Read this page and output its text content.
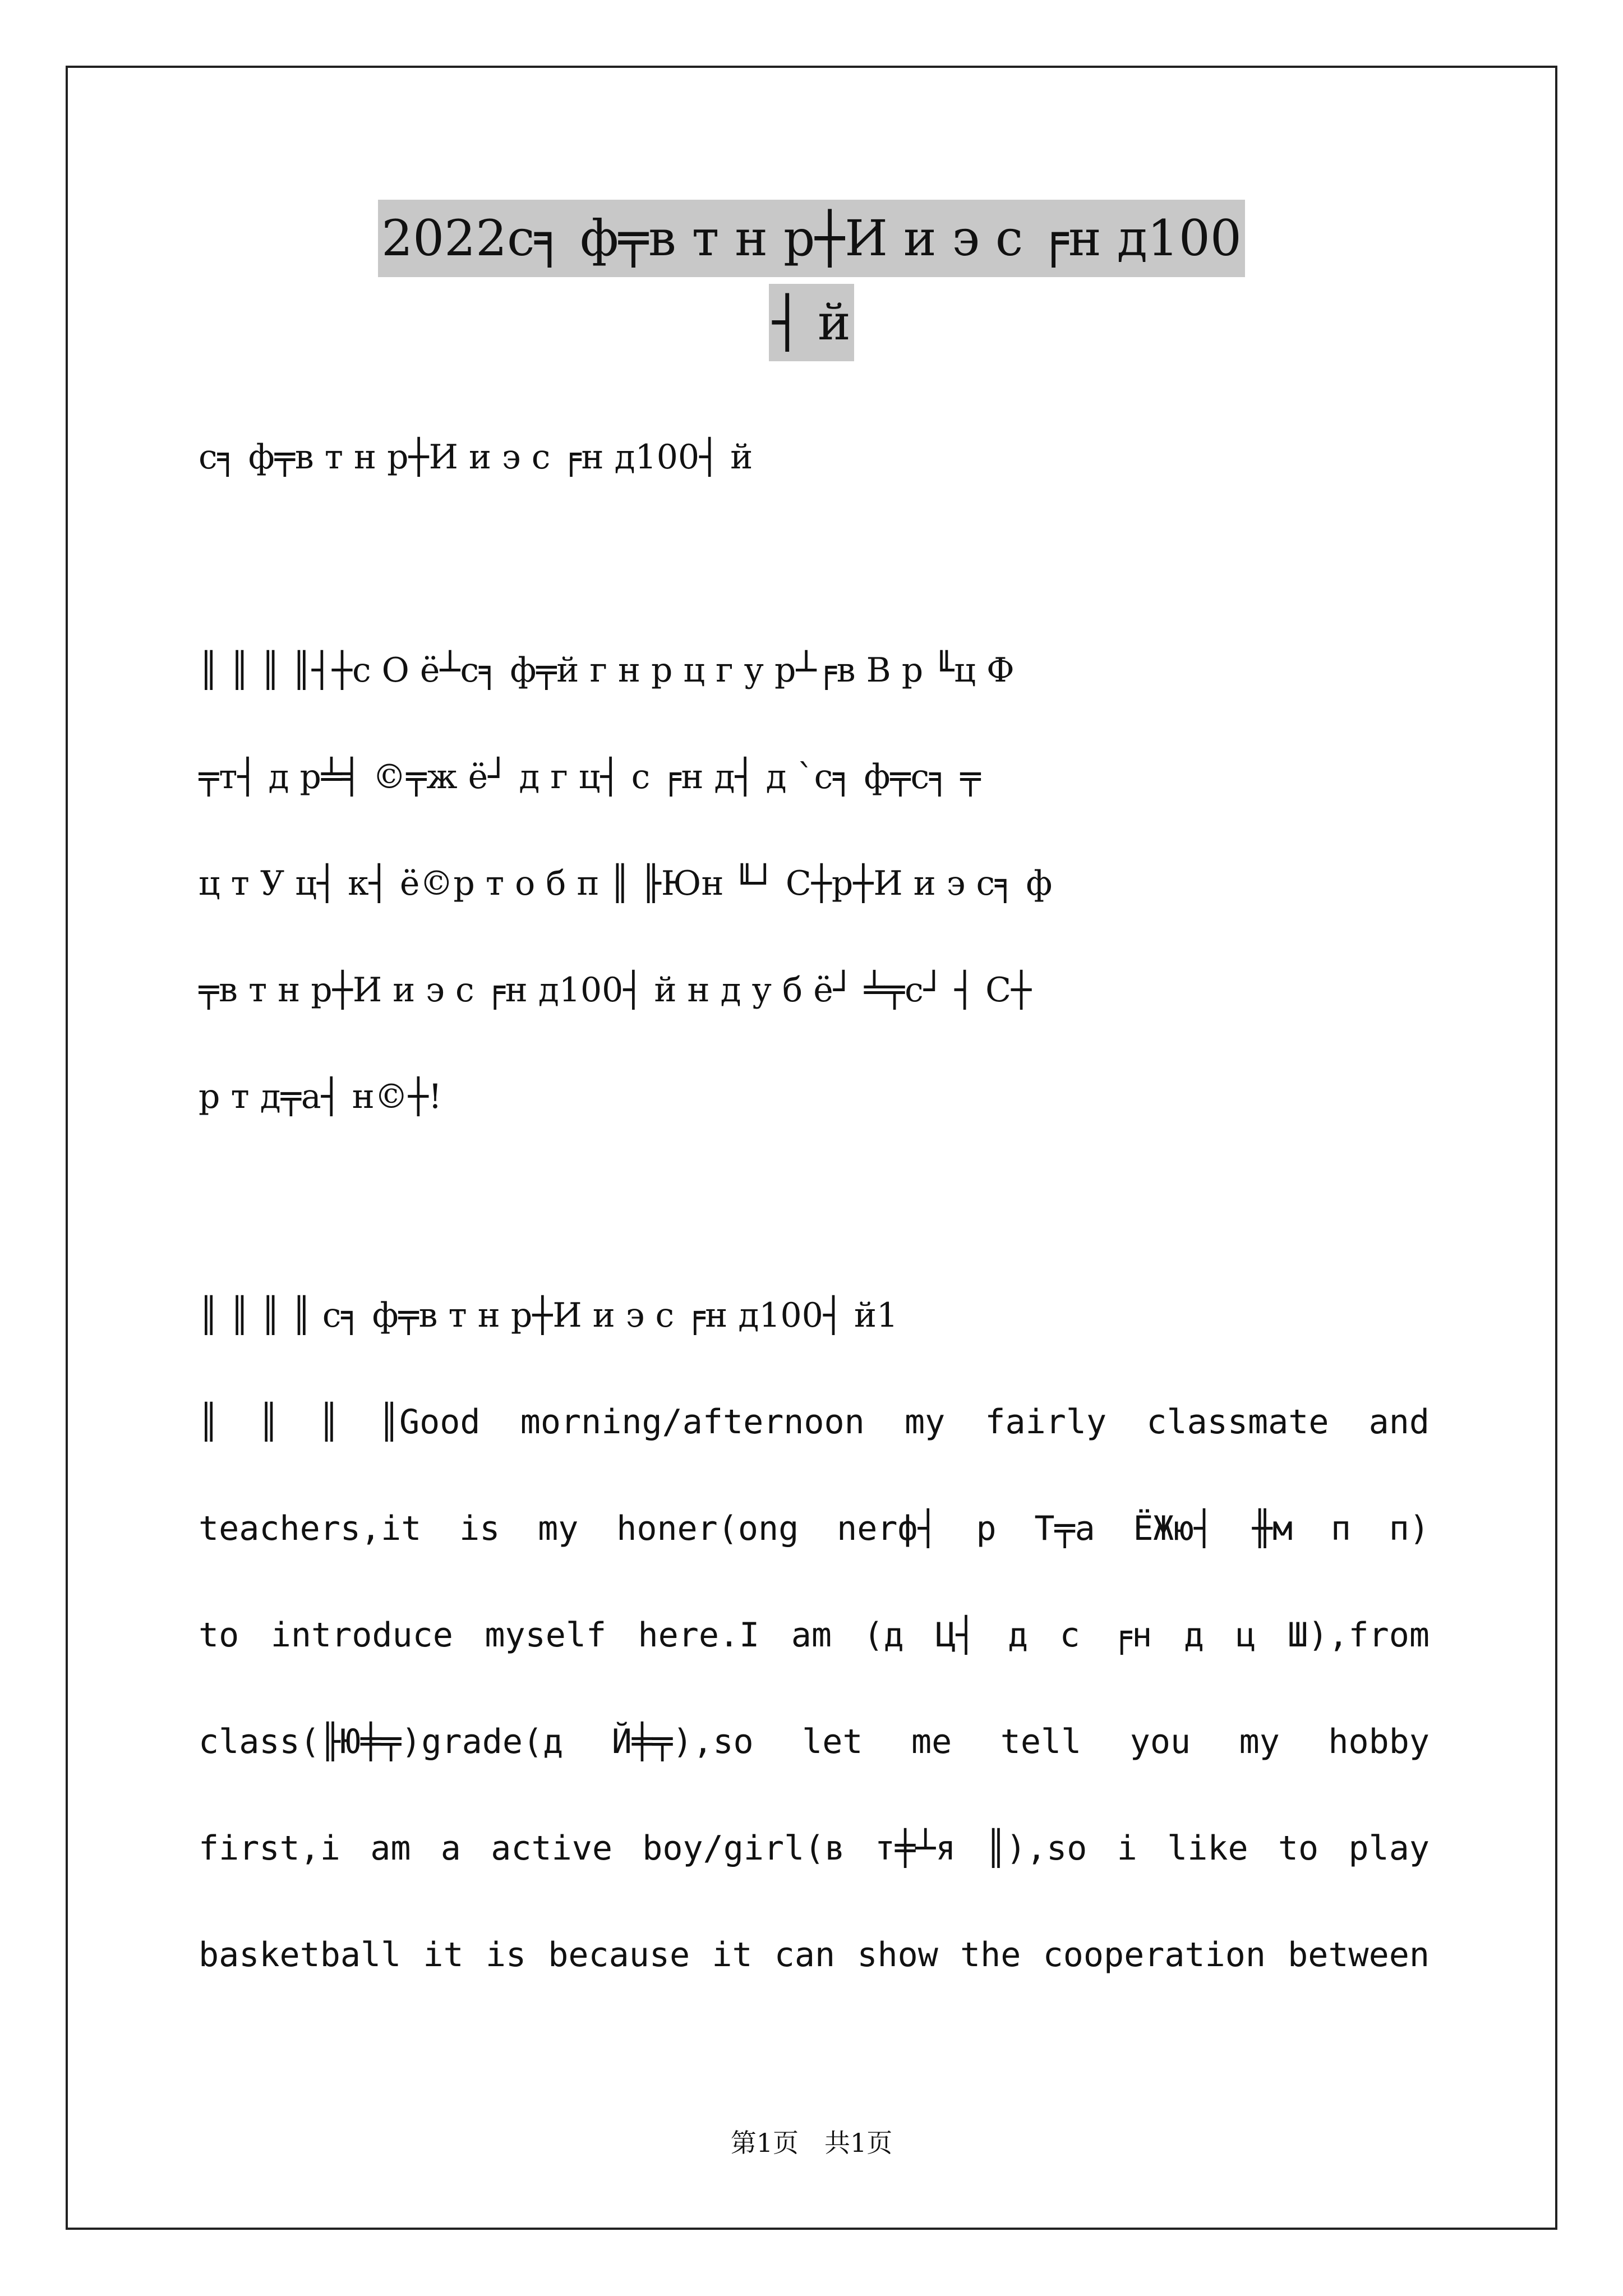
2022с╕ ф╤в т н р┼И и э с ╒н д100
┤ й
с╕ ф╤в т н р┼И и э с ╒н д100┤ й
║ ║ ║ ║┤┼с О ё┴с╕ ф╤й г н р ц г у р┴╒в В р ╙ц Ф
╤т┤ д р╧╡ ©╤ж ё┘ д г ц┤ с ╒н д┤ д `с╕ ф╤с╕ ╤
ц т У ц┤ к┤ ё©р т о б п ║ ╟Юн ╙┘ С┼р┼И и э с╕ ф
╤в т н р┼И и э с ╒н д100┤ й н д у б ё┘ ╧╤с┘ ┤ С┼
р т д╤а┤ н©┼!
║ ║ ║ ║ с╕ ф╤в т н р┼И и э с ╒н д100┤ й1
║ ║ ║ ║Good morning/afternoon my fairly classmate and
teachers,it is my honer(ong nerф┤ р Т╤а ЁЖю┤ ╫м п п)
to introduce myself here.I am (д Ц┤ д с ╒н д ц Ш),from
class(╟Ю╪╤)grade(д Й╪╤),so let me tell you my hobby
first,i am a active boy/girl(в т╪┴я ║),so i like to play
basketball it is because it can show the cooperation between
第1页　共1页
